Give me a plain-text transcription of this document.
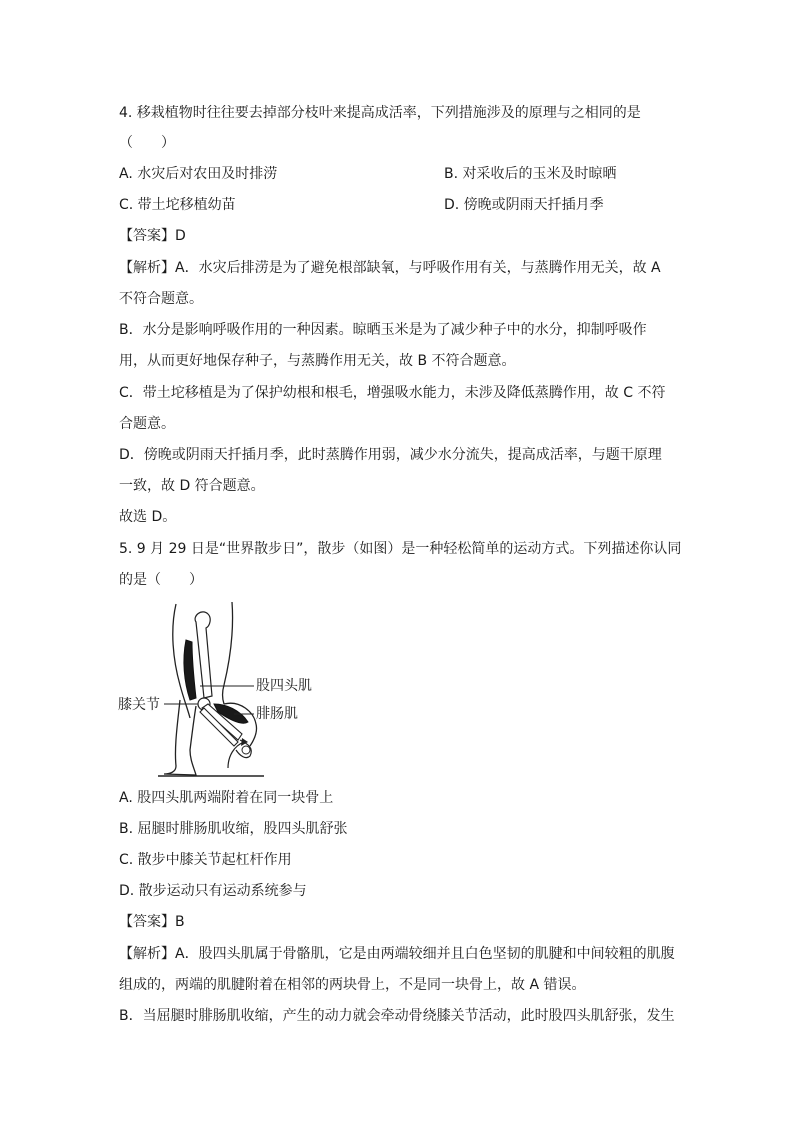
4. 移栽植物时往往要去掉部分枝叶来提高成活率，下列措施涉及的原理与之相同的是
（　　）
A. 水灾后对农田及时排涝	B. 对采收后的玉米及时晾晒
C. 带土坨移植幼苗	D. 傍晚或阴雨天扦插月季
【答案】D
【解析】A．水灾后排涝是为了避免根部缺氧，与呼吸作用有关，与蒸腾作用无关，故 A
不符合题意。
B．水分是影响呼吸作用的一种因素。晾晒玉米是为了减少种子中的水分，抑制呼吸作
用，从而更好地保存种子，与蒸腾作用无关，故 B 不符合题意。
C．带土坨移植是为了保护幼根和根毛，增强吸水能力，未涉及降低蒸腾作用，故 C 不符
合题意。
D．傍晚或阴雨天扦插月季，此时蒸腾作用弱，减少水分流失，提高成活率，与题干原理
一致，故 D 符合题意。
故选 D。
5. 9 月 29 日是“世界散步日”，散步（如图）是一种轻松简单的运动方式。下列描述你认同
的是（　　）
股四头肌
膝关节
腓肠肌
A. 股四头肌两端附着在同一块骨上
B. 屈腿时腓肠肌收缩，股四头肌舒张
C. 散步中膝关节起杠杆作用
D. 散步运动只有运动系统参与
【答案】B
【解析】A．股四头肌属于骨骼肌，它是由两端较细并且白色坚韧的肌腱和中间较粗的肌腹
组成的，两端的肌腱附着在相邻的两块骨上，不是同一块骨上，故 A 错误。
B．当屈腿时腓肠肌收缩，产生的动力就会牵动骨绕膝关节活动，此时股四头肌舒张，发生
